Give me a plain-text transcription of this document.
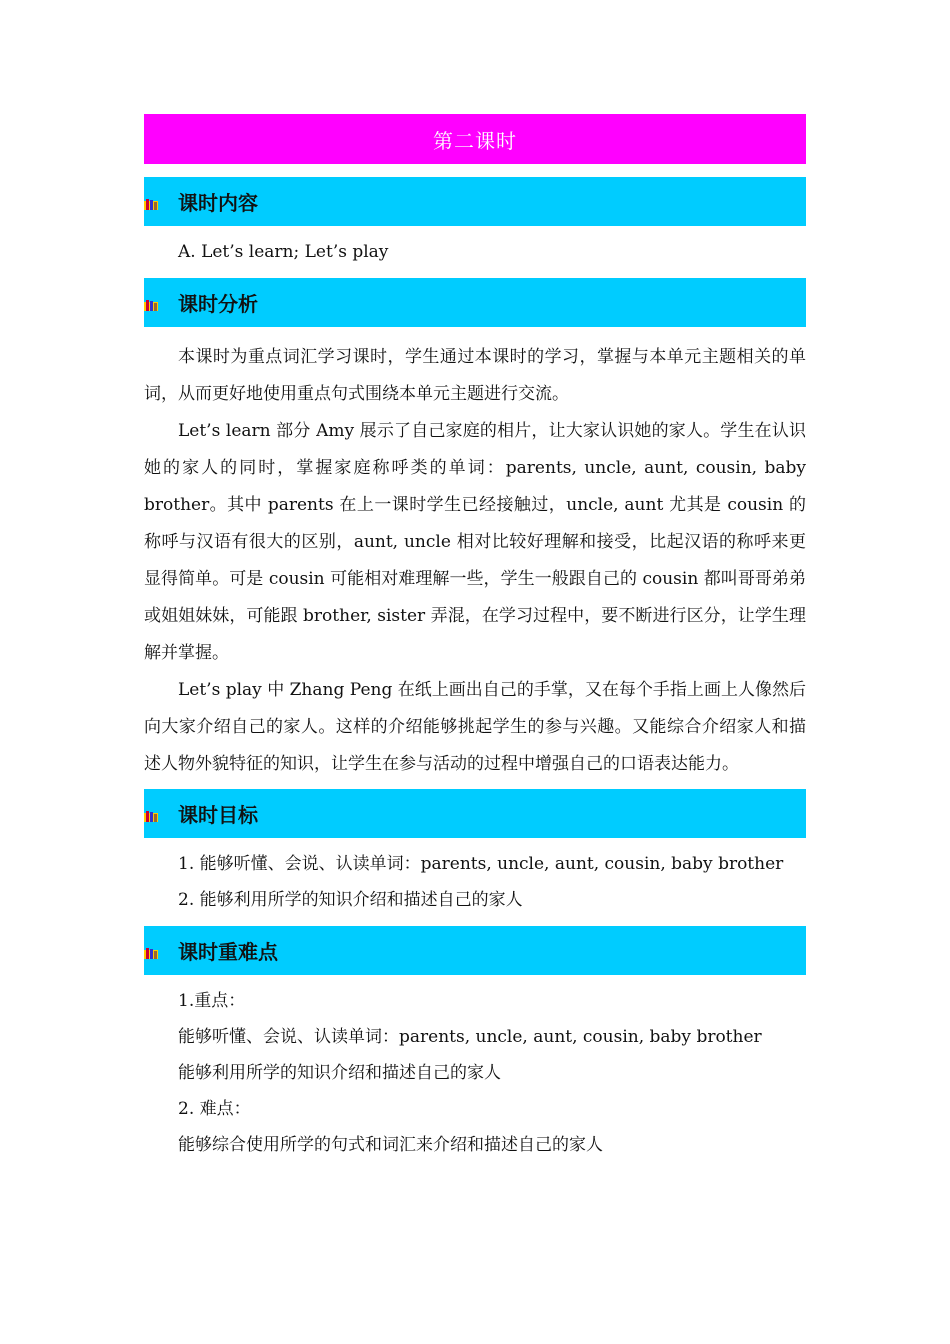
第二课时
课时内容

A. Let’s learn; Let’s play

课时分析

本课时为重点词汇学习课时，学生通过本课时的学习，掌握与本单元主题相关的单词，从而更好地使用重点句式围绕本单元主题进行交流。

Let’s learn 部分 Amy 展示了自己家庭的相片，让大家认识她的家人。学生在认识她的家人的同时，掌握家庭称呼类的单词：parents, uncle, aunt, cousin, baby brother。其中 parents 在上一课时学生已经接触过，uncle, aunt 尤其是 cousin 的称呼与汉语有很大的区别，aunt, uncle 相对比较好理解和接受，比起汉语的称呼来更显得简单。可是 cousin 可能相对难理解一些，学生一般跟自己的 cousin 都叫哥哥弟弟或姐姐妹妹，可能跟 brother, sister 弄混，在学习过程中，要不断进行区分，让学生理解并掌握。

Let’s play 中 Zhang Peng 在纸上画出自己的手掌，又在每个手指上画上人像然后向大家介绍自己的家人。这样的介绍能够挑起学生的参与兴趣。又能综合介绍家人和描述人物外貌特征的知识，让学生在参与活动的过程中增强自己的口语表达能力。

课时目标

1. 能够听懂、会说、认读单词：parents, uncle, aunt, cousin, baby brother

2. 能够利用所学的知识介绍和描述自己的家人

课时重难点

1.重点：

能够听懂、会说、认读单词：parents, uncle, aunt, cousin, baby brother

能够利用所学的知识介绍和描述自己的家人

2. 难点：

能够综合使用所学的句式和词汇来介绍和描述自己的家人
